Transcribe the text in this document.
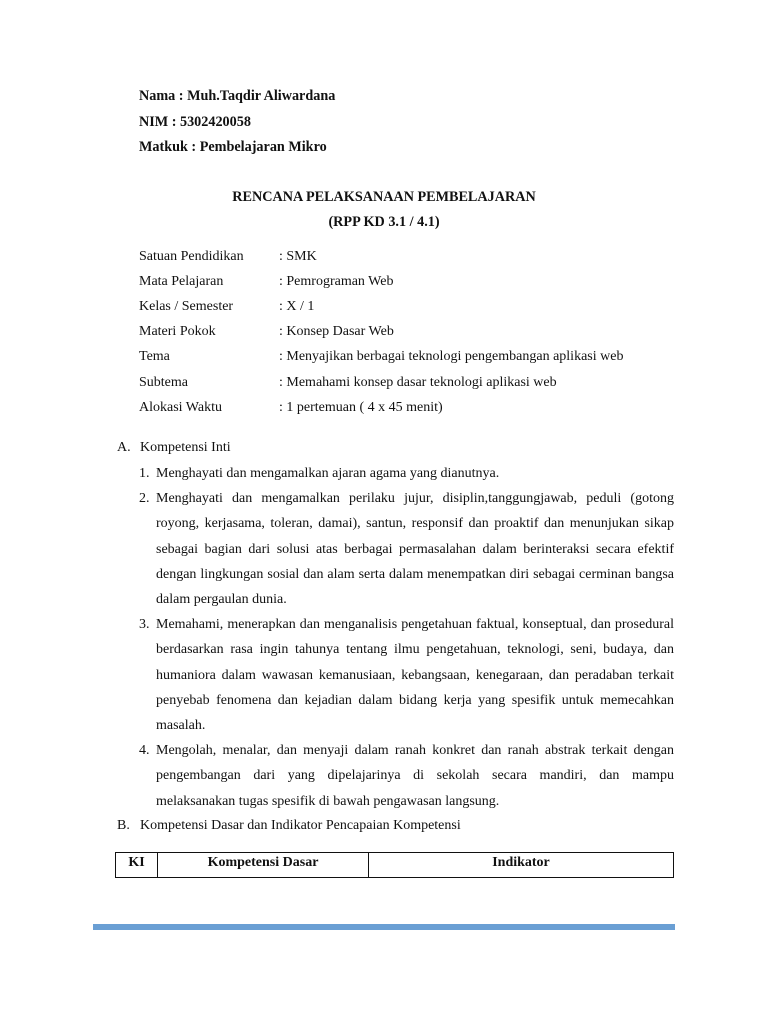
Nama : Muh.Taqdir Aliwardana
NIM : 5302420058
Matkuk : Pembelajaran Mikro
RENCANA PELAKSANAAN PEMBELAJARAN
(RPP KD 3.1 / 4.1)
Satuan Pendidikan	: SMK
Mata Pelajaran	: Pemrograman Web
Kelas / Semester	: X / 1
Materi Pokok	: Konsep Dasar Web
Tema	: Menyajikan berbagai teknologi pengembangan aplikasi web
Subtema	: Memahami konsep dasar teknologi aplikasi web
Alokasi Waktu	: 1 pertemuan ( 4 x 45 menit)
A. Kompetensi Inti
1. Menghayati dan mengamalkan ajaran agama yang dianutnya.
2. Menghayati dan mengamalkan perilaku jujur, disiplin,tanggungjawab, peduli (gotong royong, kerjasama, toleran, damai), santun, responsif dan proaktif dan menunjukan sikap sebagai bagian dari solusi atas berbagai permasalahan dalam berinteraksi secara efektif dengan lingkungan sosial dan alam serta dalam menempatkan diri sebagai cerminan bangsa dalam pergaulan dunia.
3. Memahami, menerapkan dan menganalisis pengetahuan faktual, konseptual, dan prosedural berdasarkan rasa ingin tahunya tentang ilmu pengetahuan, teknologi, seni, budaya, dan humaniora dalam wawasan kemanusiaan, kebangsaan, kenegaraan, dan peradaban terkait penyebab fenomena dan kejadian dalam bidang kerja yang spesifik untuk memecahkan masalah.
4. Mengolah, menalar, dan menyaji dalam ranah konkret dan ranah abstrak terkait dengan pengembangan dari yang dipelajarinya di sekolah secara mandiri, dan mampu melaksanakan tugas spesifik di bawah pengawasan langsung.
B. Kompetensi Dasar dan Indikator Pencapaian Kompetensi
KI	Kompetensi Dasar	Indikator
